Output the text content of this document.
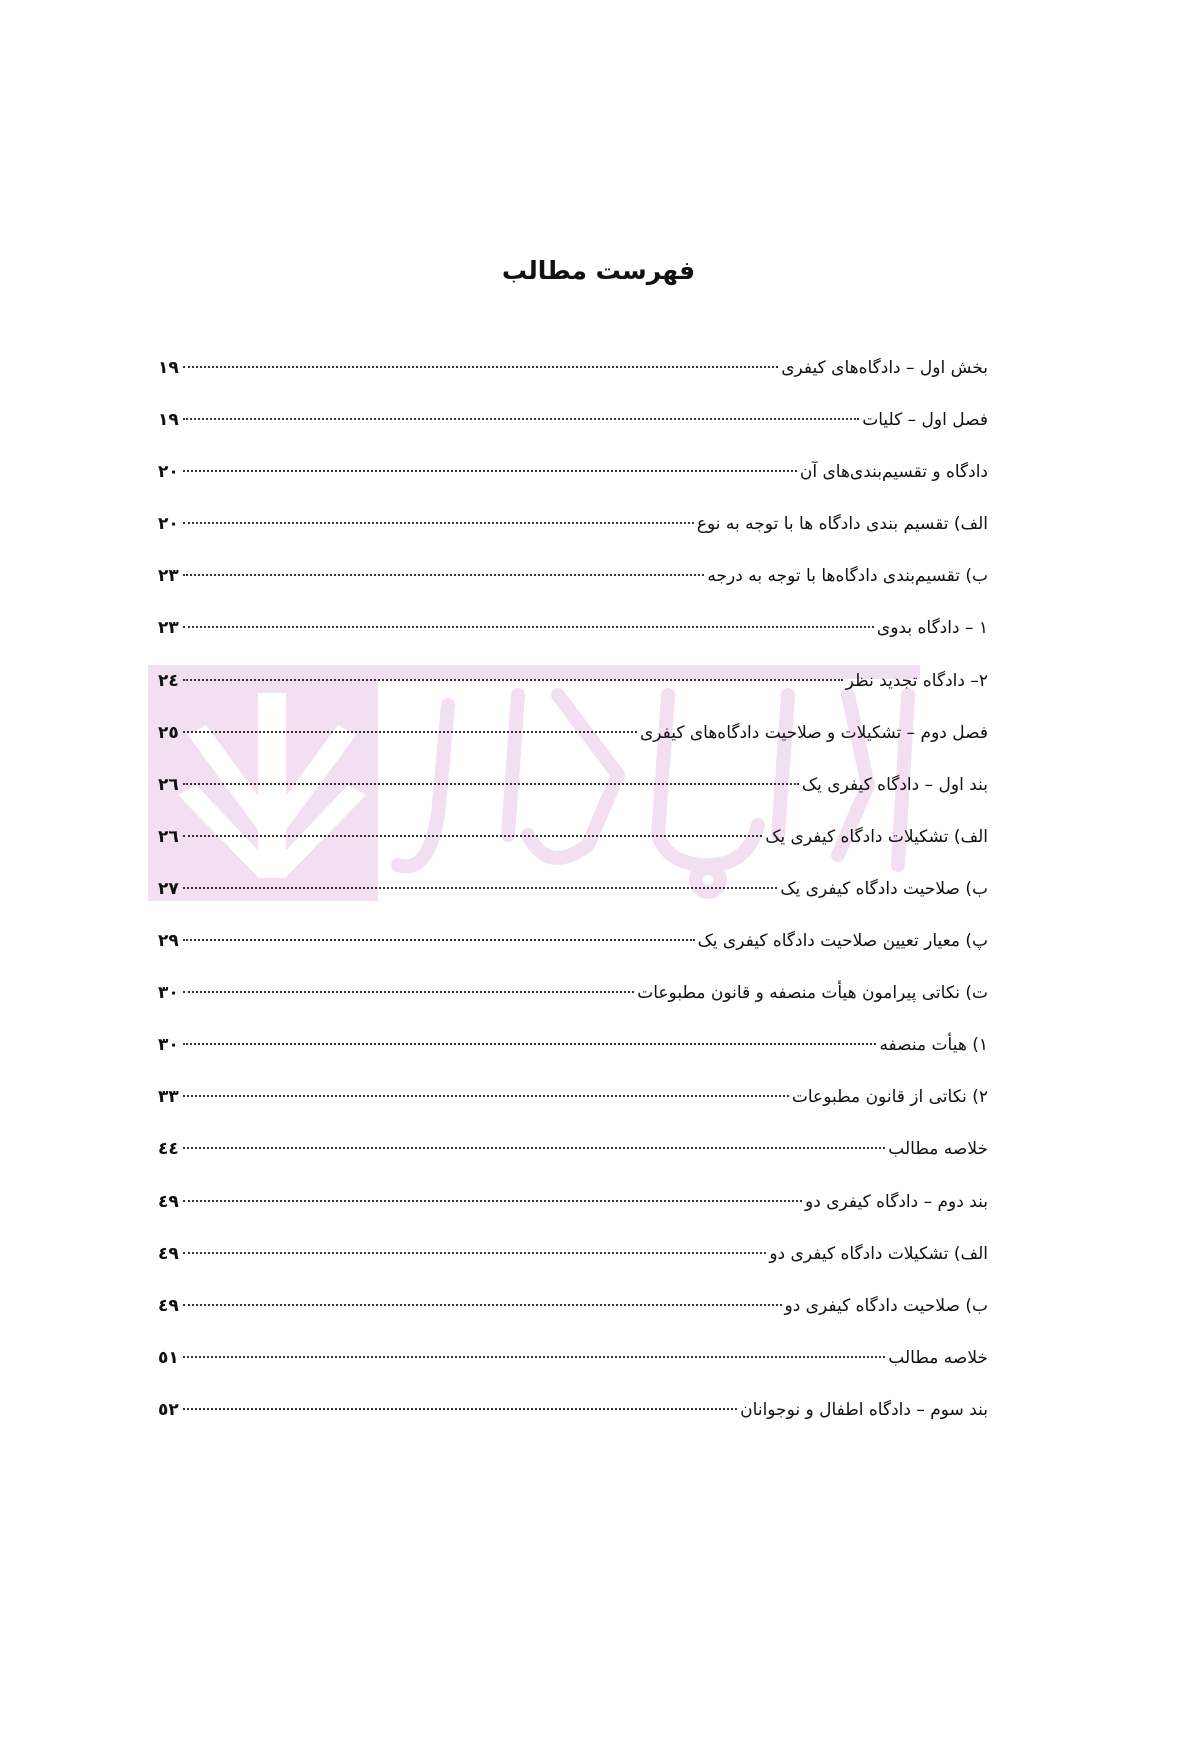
فهرست مطالب
بخش اول – دادگاه‌های کیفری
۱۹
فصل اول – کلیات
۱۹
دادگاه و تقسیم‌بندی‌های آن
۲۰
الف) تقسیم بندی دادگاه ها با توجه به نوع
۲۰
ب) تقسیم‌بندی دادگاه‌ها با توجه به درجه
۲۳
۱ – دادگاه بدوی
۲۳
۲– دادگاه تجدید نظر
۲٤
فصل دوم – تشکیلات و صلاحیت دادگاه‌های کیفری
۲٥
بند اول – دادگاه کیفری یک
۲٦
الف) تشکیلات دادگاه کیفری یک
۲٦
ب) صلاحیت دادگاه کیفری یک
۲۷
پ) معیار تعیین صلاحیت دادگاه کیفری یک
۲۹
ت) نکاتی پیرامون هیأت منصفه و قانون مطبوعات
۳۰
۱) هیأت منصفه
۳۰
۲) نکاتی از قانون مطبوعات
۳۳
خلاصه مطالب
٤٤
بند دوم – دادگاه کیفری دو
٤۹
الف) تشکیلات دادگاه کیفری دو
٤۹
ب) صلاحیت دادگاه کیفری دو
٤۹
خلاصه مطالب
٥۱
بند سوم – دادگاه اطفال و نوجوانان
٥۲
